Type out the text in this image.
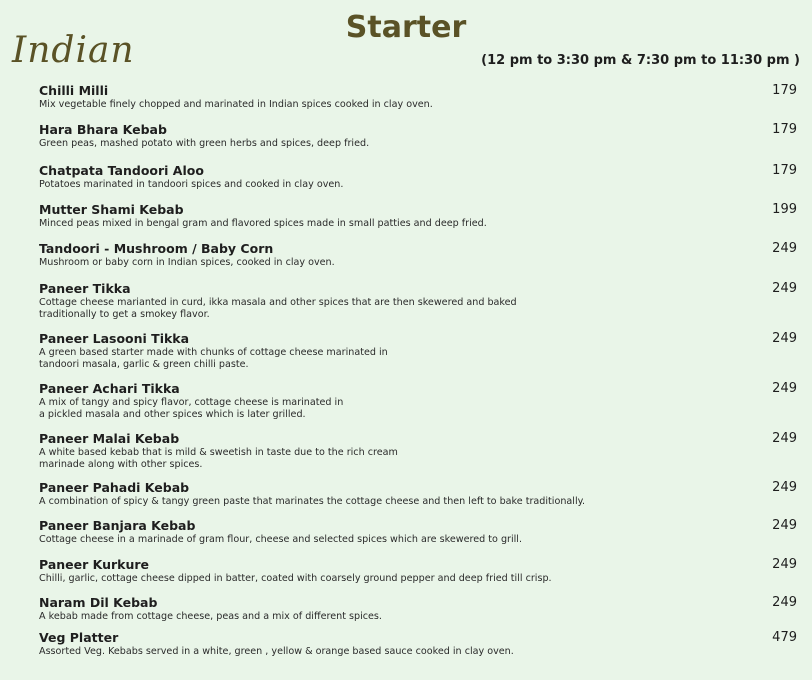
Starter
Indian	(12 pm to 3:30 pm & 7:30 pm to 11:30 pm )
Chilli Milli
Mix vegetable finely chopped and marinated in Indian spices cooked in clay oven.
179
Hara Bhara Kebab
Green peas, mashed potato with green herbs and spices, deep fried.
179
Chatpata Tandoori Aloo
Potatoes marinated in tandoori spices and cooked in clay oven.
179
Mutter Shami Kebab
Minced peas mixed in bengal gram and flavored spices made in small patties and deep fried.
199
Tandoori - Mushroom / Baby Corn
Mushroom or baby corn in Indian spices, cooked in clay oven.
249
Paneer Tikka
Cottage cheese marianted in curd, ikka masala and other spices that are then skewered and baked
traditionally to get a smokey flavor.
249
Paneer Lasooni Tikka
A green based starter made with chunks of cottage cheese marinated in
tandoori masala, garlic & green chilli paste.
249
Paneer Achari Tikka
A mix of tangy and spicy flavor, cottage cheese is marinated in
a pickled masala and other spices which is later grilled.
249
Paneer Malai Kebab
A white based kebab that is mild & sweetish in taste due to the rich cream
marinade along with other spices.
249
Paneer Pahadi Kebab
A combination of spicy & tangy green paste that marinates the cottage cheese and then left to bake traditionally.
249
Paneer Banjara Kebab
Cottage cheese in a marinade of gram flour, cheese and selected spices which are skewered to grill.
249
Paneer Kurkure
Chilli, garlic, cottage cheese dipped in batter, coated with coarsely ground pepper and deep fried till crisp.
249
Naram Dil Kebab
A kebab made from cottage cheese, peas and a mix of different spices.
249
Veg Platter
Assorted Veg. Kebabs served in a white, green , yellow & orange based sauce cooked in clay oven.
479
